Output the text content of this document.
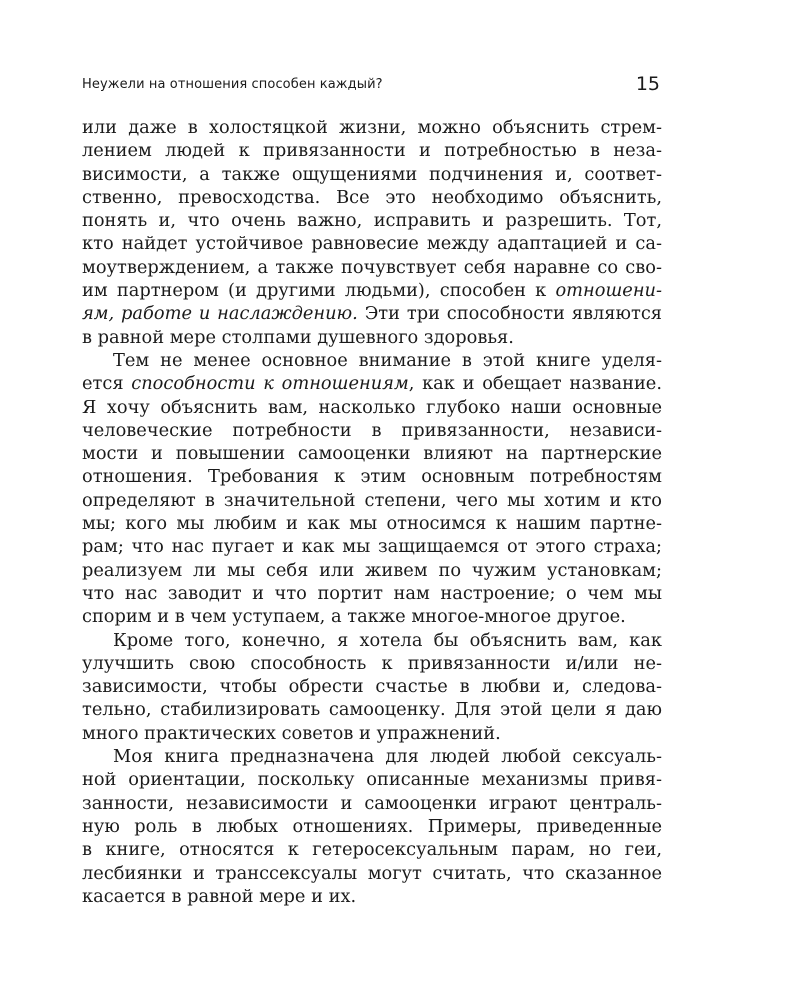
Неужели на отношения способен каждый?	15
или даже в холостяцкой жизни, можно объяснить стрем-
лением людей к привязанности и потребностью в неза-
висимости, а также ощущениями подчинения и, соответ-
ственно, превосходства. Все это необходимо объяснить,
понять и, что очень важно, исправить и разрешить. Тот,
кто найдет устойчивое равновесие между адаптацией и са-
моутверждением, а также почувствует себя наравне со сво-
им партнером (и другими людьми), способен к отношени-
ям, работе и наслаждению. Эти три способности являются
в равной мере столпами душевного здоровья.
Тем не менее основное внимание в этой книге уделя-
ется способности к отношениям, как и обещает название.
Я хочу объяснить вам, насколько глубоко наши основные
человеческие потребности в привязанности, независи-
мости и повышении самооценки влияют на партнерские
отношения. Требования к этим основным потребностям
определяют в значительной степени, чего мы хотим и кто
мы; кого мы любим и как мы относимся к нашим партне-
рам; что нас пугает и как мы защищаемся от этого страха;
реализуем ли мы себя или живем по чужим установкам;
что нас заводит и что портит нам настроение; о чем мы
спорим и в чем уступаем, а также многое-многое другое.
Кроме того, конечно, я хотела бы объяснить вам, как
улучшить свою способность к привязанности и/или не-
зависимости, чтобы обрести счастье в любви и, следова-
тельно, стабилизировать самооценку. Для этой цели я даю
много практических советов и упражнений.
Моя книга предназначена для людей любой сексуаль-
ной ориентации, поскольку описанные механизмы привя-
занности, независимости и самооценки играют централь-
ную роль в любых отношениях. Примеры, приведенные
в книге, относятся к гетеросексуальным парам, но геи,
лесбиянки и транссексуалы могут считать, что сказанное
касается в равной мере и их.
